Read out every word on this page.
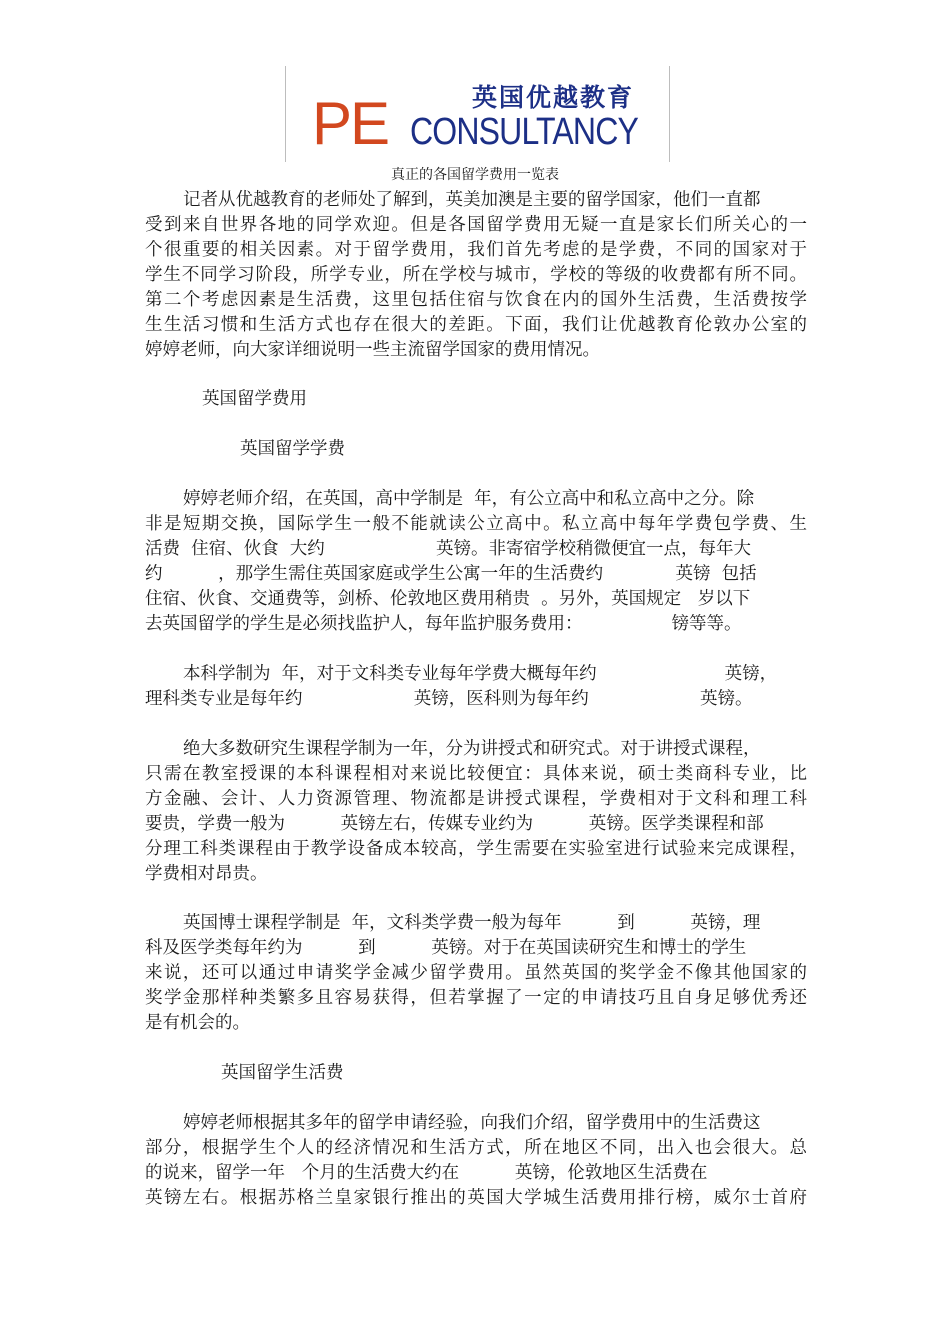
英国优越教育
PE CONSULTANCY
真正的各国留学费用一览表
记者从优越教育的老师处了解到，英美加澳是主要的留学国家，他们一直都
受到来自世界各地的同学欢迎。但是各国留学费用无疑一直是家长们所关心的一
个很重要的相关因素。对于留学费用，我们首先考虑的是学费，不同的国家对于
学生不同学习阶段，所学专业，所在学校与城市，学校的等级的收费都有所不同。
第二个考虑因素是生活费，这里包括住宿与饮食在内的国外生活费，生活费按学
生生活习惯和生活方式也存在很大的差距。下面，我们让优越教育伦敦办公室的
婷婷老师，向大家详细说明一些主流留学国家的费用情况。
英国留学费用
英国留学学费
婷婷老师介绍，在英国，高中学制是  年，有公立高中和私立高中之分。除
非是短期交换，国际学生一般不能就读公立高中。私立高中每年学费包学费、生
活费  住宿、伙食  大约                    英镑。非寄宿学校稍微便宜一点，每年大
约          ，那学生需住英国家庭或学生公寓一年的生活费约             英镑  包括
住宿、伙食、交通费等，剑桥、伦敦地区费用稍贵  。另外，英国规定   岁以下
去英国留学的学生是必须找监护人，每年监护服务费用：                镑等等。
本科学制为  年，对于文科类专业每年学费大概每年约                       英镑，
理科类专业是每年约                    英镑，医科则为每年约                    英镑。
绝大多数研究生课程学制为一年，分为讲授式和研究式。对于讲授式课程，
只需在教室授课的本科课程相对来说比较便宜：具体来说，硕士类商科专业，比
方金融、会计、人力资源管理、物流都是讲授式课程，学费相对于文科和理工科
要贵，学费一般为          英镑左右，传媒专业约为          英镑。医学类课程和部
分理工科类课程由于教学设备成本较高，学生需要在实验室进行试验来完成课程，
学费相对昂贵。
英国博士课程学制是  年，文科类学费一般为每年          到          英镑，理
科及医学类每年约为          到          英镑。对于在英国读研究生和博士的学生
来说，还可以通过申请奖学金减少留学费用。虽然英国的奖学金不像其他国家的
奖学金那样种类繁多且容易获得，但若掌握了一定的申请技巧且自身足够优秀还
是有机会的。
英国留学生活费
婷婷老师根据其多年的留学申请经验，向我们介绍，留学费用中的生活费这
部分，根据学生个人的经济情况和生活方式，所在地区不同，出入也会很大。总
的说来，留学一年   个月的生活费大约在          英镑，伦敦地区生活费在
英镑左右。根据苏格兰皇家银行推出的英国大学城生活费用排行榜，威尔士首府
